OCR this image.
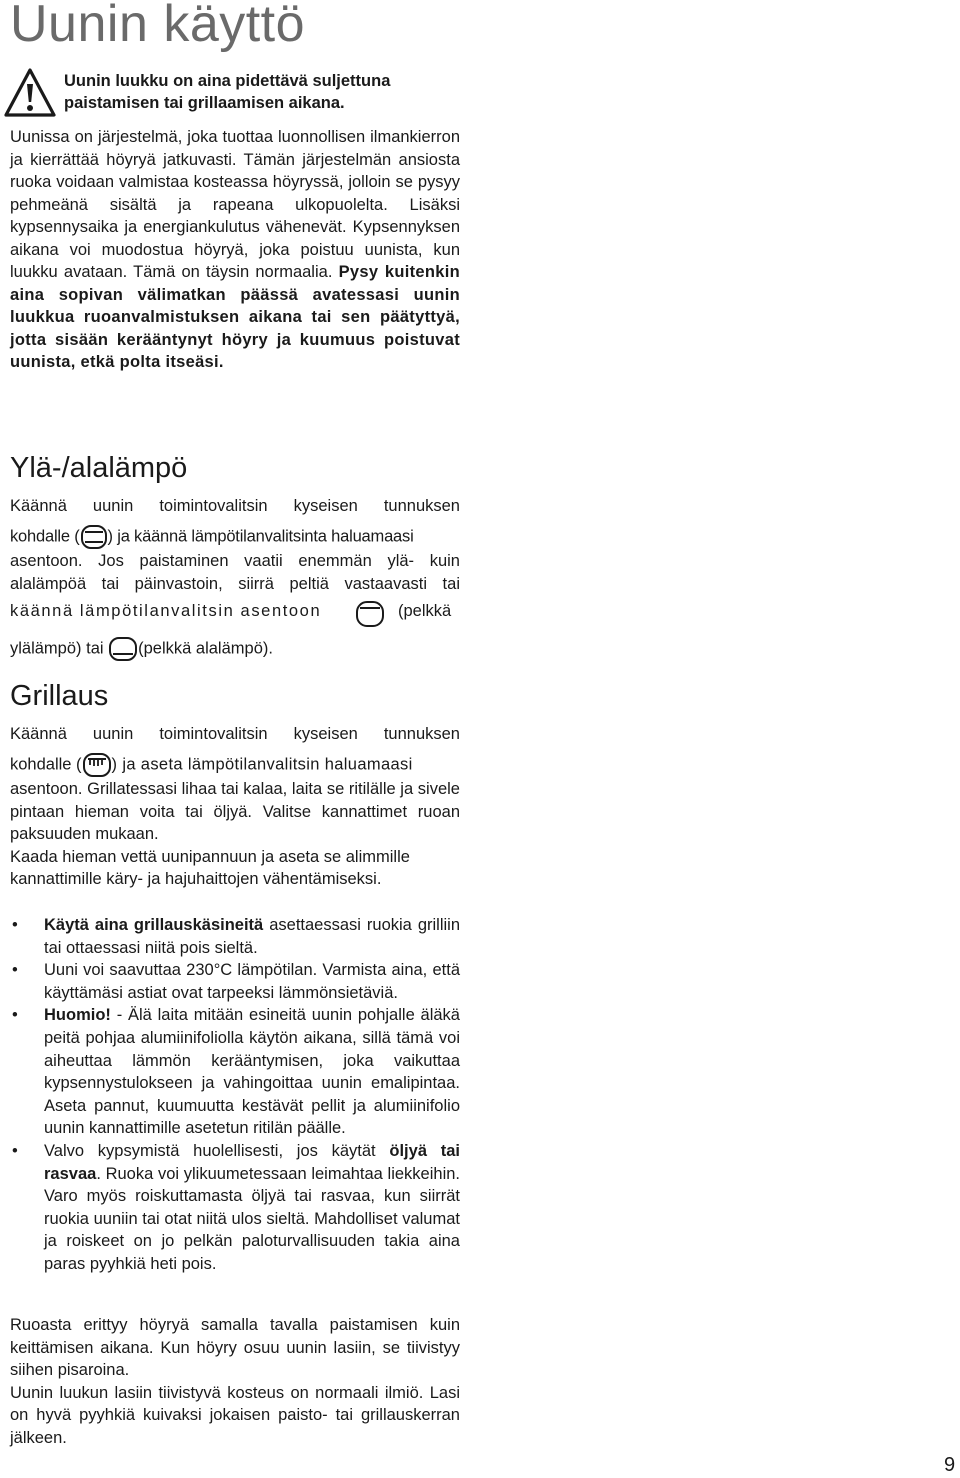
Uunin käyttö
Uunin luukku on aina pidettävä suljettuna paistamisen tai grillaamisen aikana.
Uunissa on järjestelmä, joka tuottaa luonnollisen ilmankierron ja kierrättää höyryä jatkuvasti. Tämän järjestelmän ansiosta ruoka voidaan valmistaa kosteassa höyryssä, jolloin se pysyy pehmeänä sisältä ja rapeana ulkopuolelta. Lisäksi kypsennysaika ja energiankulutus vähenevät. Kypsennyksen aikana voi muodostua höyryä, joka poistuu uunista, kun luukku avataan. Tämä on täysin normaalia. Pysy kuitenkin aina sopivan välimatkan päässä avatessasi uunin luukkua ruoanvalmistuksen aikana tai sen päätyttyä, jotta sisään kerääntynyt höyry ja kuumuus poistuvat uunista, etkä polta itseäsi.
Ylä-/alalämpö
Käännä uunin toimintovalitsin kyseisen tunnuksen
kohdalle ( ) ja käännä lämpötilanvalitsinta haluamaasi
asentoon. Jos paistaminen vaatii enemmän ylä- kuin
alalämpöä tai päinvastoin, siirrä peltiä vastaavasti tai
käännä lämpötilanvalitsin asentoon	(pelkkä
ylälämpö) tai (pelkkä alalämpö).
Grillaus
Käännä uunin toimintovalitsin kyseisen tunnuksen
kohdalle ( ) ja aseta lämpötilanvalitsin haluamaasi
asentoon. Grillatessasi lihaa tai kalaa, laita se ritilälle ja sivele pintaan hieman voita tai öljyä. Valitse kannattimet ruoan paksuuden mukaan.
Kaada hieman vettä uunipannuun ja aseta se alimmille kannattimille käry- ja hajuhaittojen vähentämiseksi.
• Käytä aina grillauskäsineitä asettaessasi ruokia grilliin tai ottaessasi niitä pois sieltä.
• Uuni voi saavuttaa 230°C lämpötilan. Varmista aina, että käyttämäsi astiat ovat tarpeeksi lämmönsietäviä.
• Huomio! - Älä laita mitään esineitä uunin pohjalle äläkä peitä pohjaa alumiinifoliolla käytön aikana, sillä tämä voi aiheuttaa lämmön kerääntymisen, joka vaikuttaa kypsennystulokseen ja vahingoittaa uunin emalipintaa. Aseta pannut, kuumuutta kestävät pellit ja alumiinifolio uunin kannattimille asetetun ritilän päälle.
• Valvo kypsymistä huolellisesti, jos käytät öljyä tai rasvaa. Ruoka voi ylikuumetessaan leimahtaa liekkeihin. Varo myös roiskuttamasta öljyä tai rasvaa, kun siirrät ruokia uuniin tai otat niitä ulos sieltä. Mahdolliset valumat ja roiskeet on jo pelkän paloturvallisuuden takia aina paras pyyhkiä heti pois.
Ruoasta erittyy höyryä samalla tavalla paistamisen kuin keittämisen aikana. Kun höyry osuu uunin lasiin, se tiivistyy siihen pisaroina.
Uunin luukun lasiin tiivistyvä kosteus on normaali ilmiö. Lasi on hyvä pyyhkiä kuivaksi jokaisen paisto- tai grillauskerran jälkeen.
9
